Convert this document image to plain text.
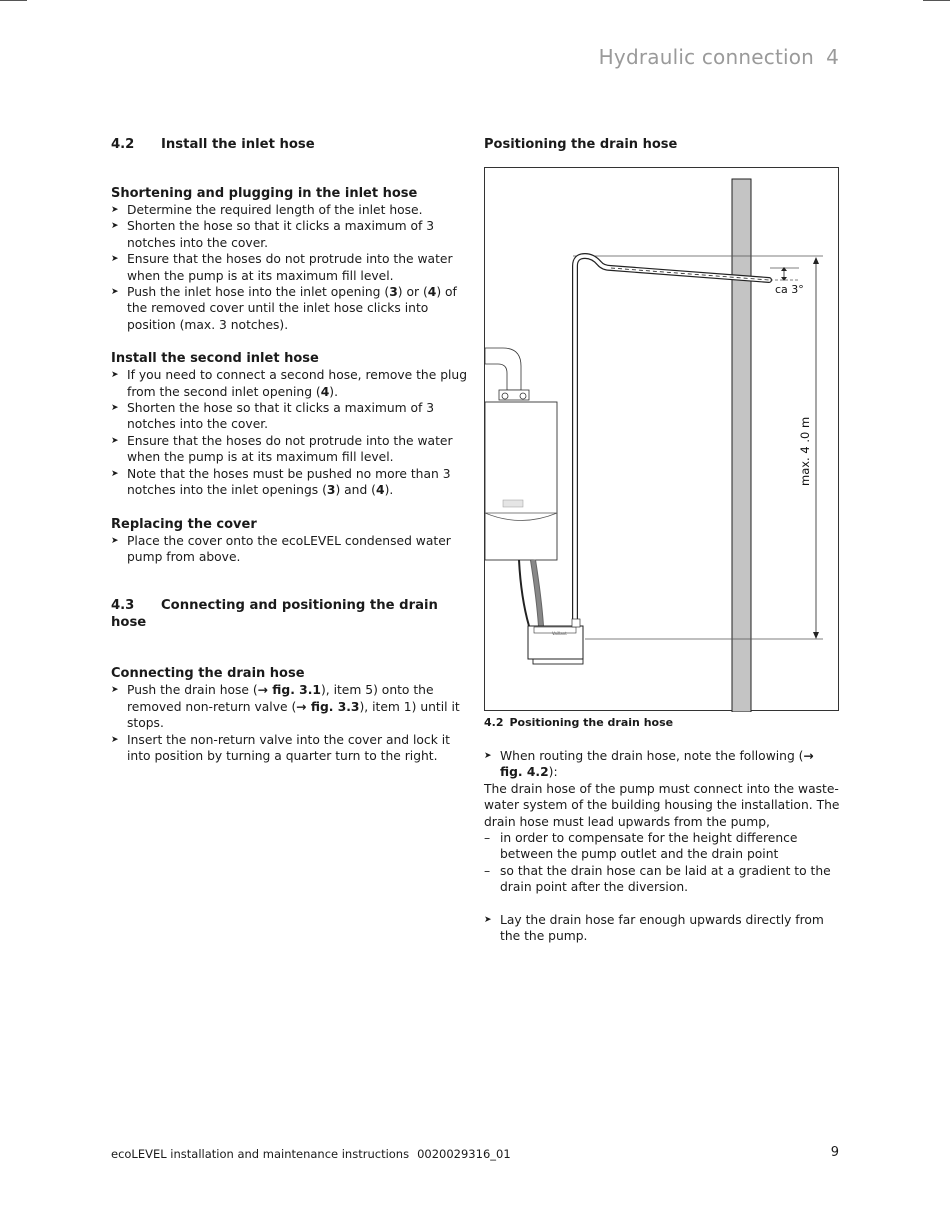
Hydraulic connection 4
4.2 Install the inlet hose
Shortening and plugging in the inlet hose
➤ Determine the required length of the inlet hose.
➤ Shorten the hose so that it clicks a maximum of 3 notches into the cover.
➤ Ensure that the hoses do not protrude into the water when the pump is at its maximum fill level.
➤ Push the inlet hose into the inlet opening (3) or (4) of the removed cover until the inlet hose clicks into position (max. 3 notches).
Install the second inlet hose
➤ If you need to connect a second hose, remove the plug from the second inlet opening (4).
➤ Shorten the hose so that it clicks a maximum of 3 notches into the cover.
➤ Ensure that the hoses do not protrude into the water when the pump is at its maximum fill level.
➤ Note that the hoses must be pushed no more than 3 notches into the inlet openings (3) and (4).
Replacing the cover
➤ Place the cover onto the ecoLEVEL condensed water pump from above.
4.3 Connecting and positioning the drain hose
Connecting the drain hose
➤ Push the drain hose (→ fig. 3.1), item 5) onto the removed non-return valve (→ fig. 3.3), item 1) until it stops.
➤ Insert the non-return valve into the cover and lock it into position by turning a quarter turn to the right.
Positioning the drain hose
ca 3°
max. 4 .0 m
Vaillant
4.2 Positioning the drain hose
➤ When routing the drain hose, note the following (→ fig. 4.2):

The drain hose of the pump must connect into the waste-water system of the building housing the installation. The drain hose must lead upwards from the pump,

– in order to compensate for the height difference between the pump outlet and the drain point
– so that the drain hose can be laid at a gradient to the drain point after the diversion.
➤ Lay the drain hose far enough upwards directly from the the pump.
ecoLEVEL installation and maintenance instructions 0020029316_01	9
